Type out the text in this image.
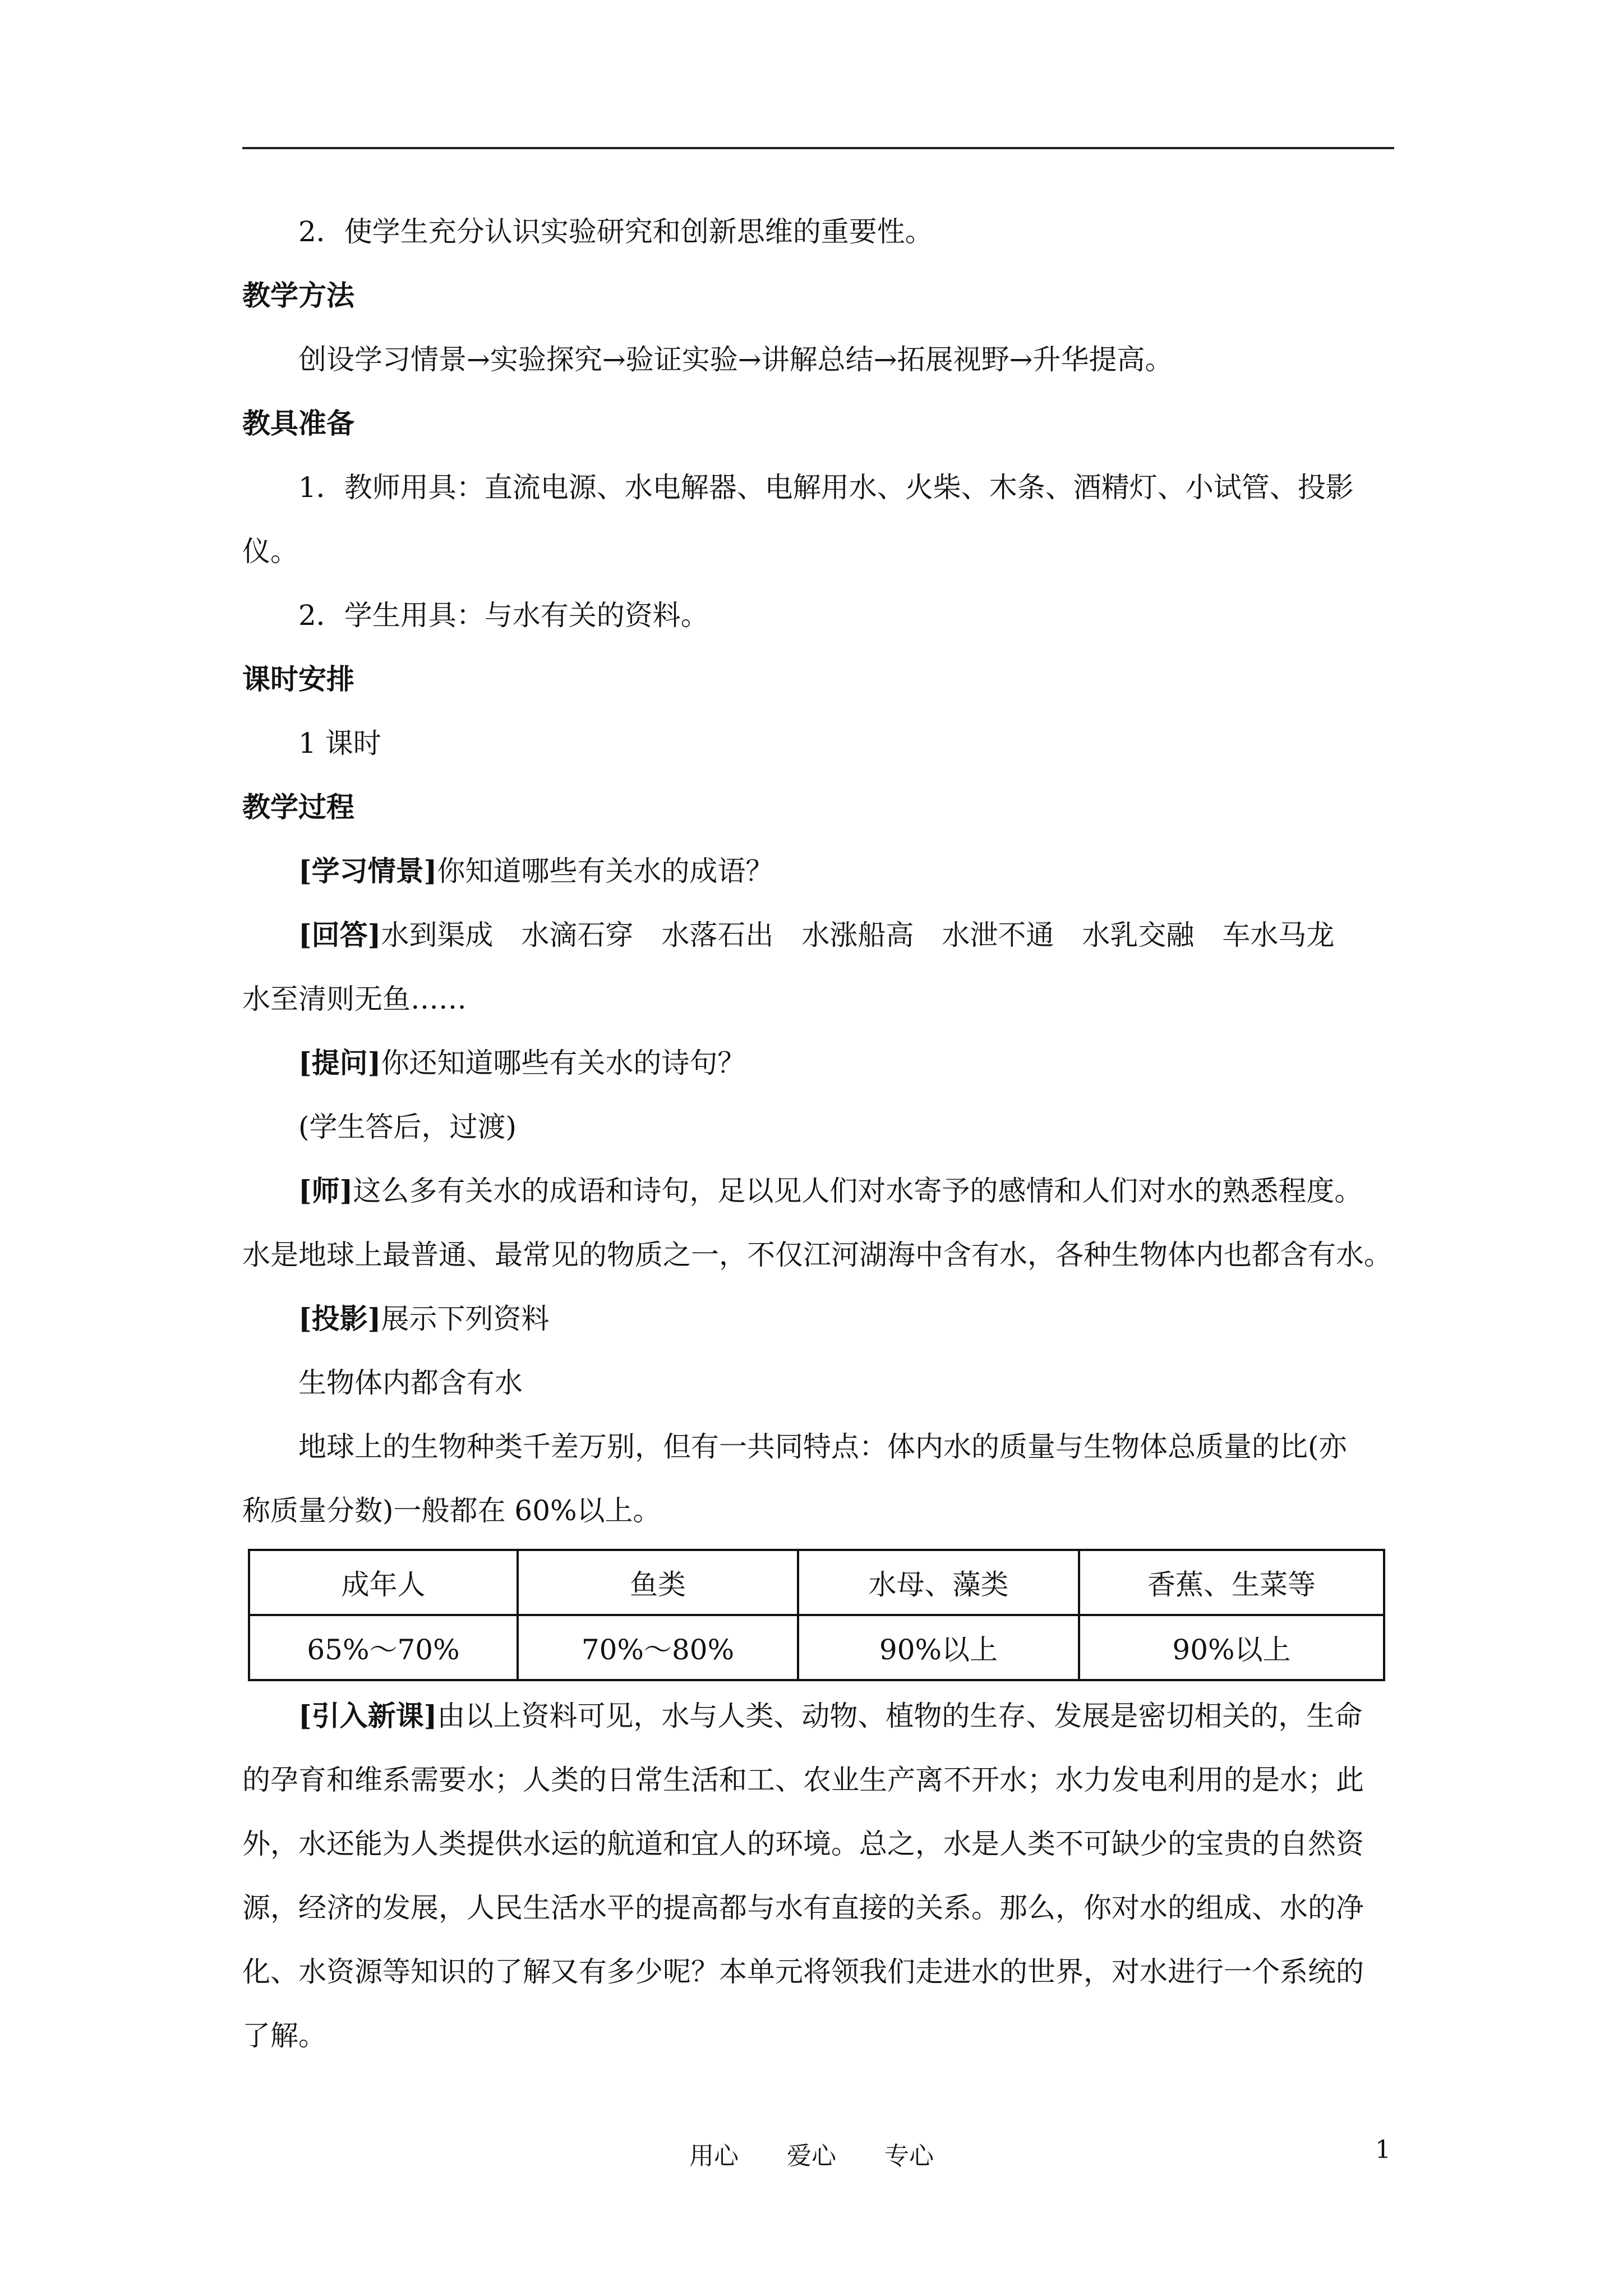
2．使学生充分认识实验研究和创新思维的重要性。

教学方法

创设学习情景→实验探究→验证实验→讲解总结→拓展视野→升华提高。

教具准备

1．教师用具：直流电源、水电解器、电解用水、火柴、木条、酒精灯、小试管、投影
仪。

2．学生用具：与水有关的资料。

课时安排

1 课时

教学过程

[学习情景]你知道哪些有关水的成语？

[回答]水到渠成　水滴石穿　水落石出　水涨船高　水泄不通　水乳交融　车水马龙
水至清则无鱼……

[提问]你还知道哪些有关水的诗句？

(学生答后，过渡)

[师]这么多有关水的成语和诗句，足以见人们对水寄予的感情和人们对水的熟悉程度。
水是地球上最普通、最常见的物质之一，不仅江河湖海中含有水，各种生物体内也都含有水。

[投影]展示下列资料

生物体内都含有水

地球上的生物种类千差万别，但有一共同特点：体内水的质量与生物体总质量的比(亦
称质量分数)一般都在 60%以上。

成年人	鱼类	水母、藻类	香蕉、生菜等
65%～70%	70%～80%	90%以上	90%以上

[引入新课]由以上资料可见，水与人类、动物、植物的生存、发展是密切相关的，生命
的孕育和维系需要水；人类的日常生活和工、农业生产离不开水；水力发电利用的是水；此
外，水还能为人类提供水运的航道和宜人的环境。总之，水是人类不可缺少的宝贵的自然资
源，经济的发展，人民生活水平的提高都与水有直接的关系。那么，你对水的组成、水的净
化、水资源等知识的了解又有多少呢？本单元将领我们走进水的世界，对水进行一个系统的
了解。

用心 爱心 专心	1
